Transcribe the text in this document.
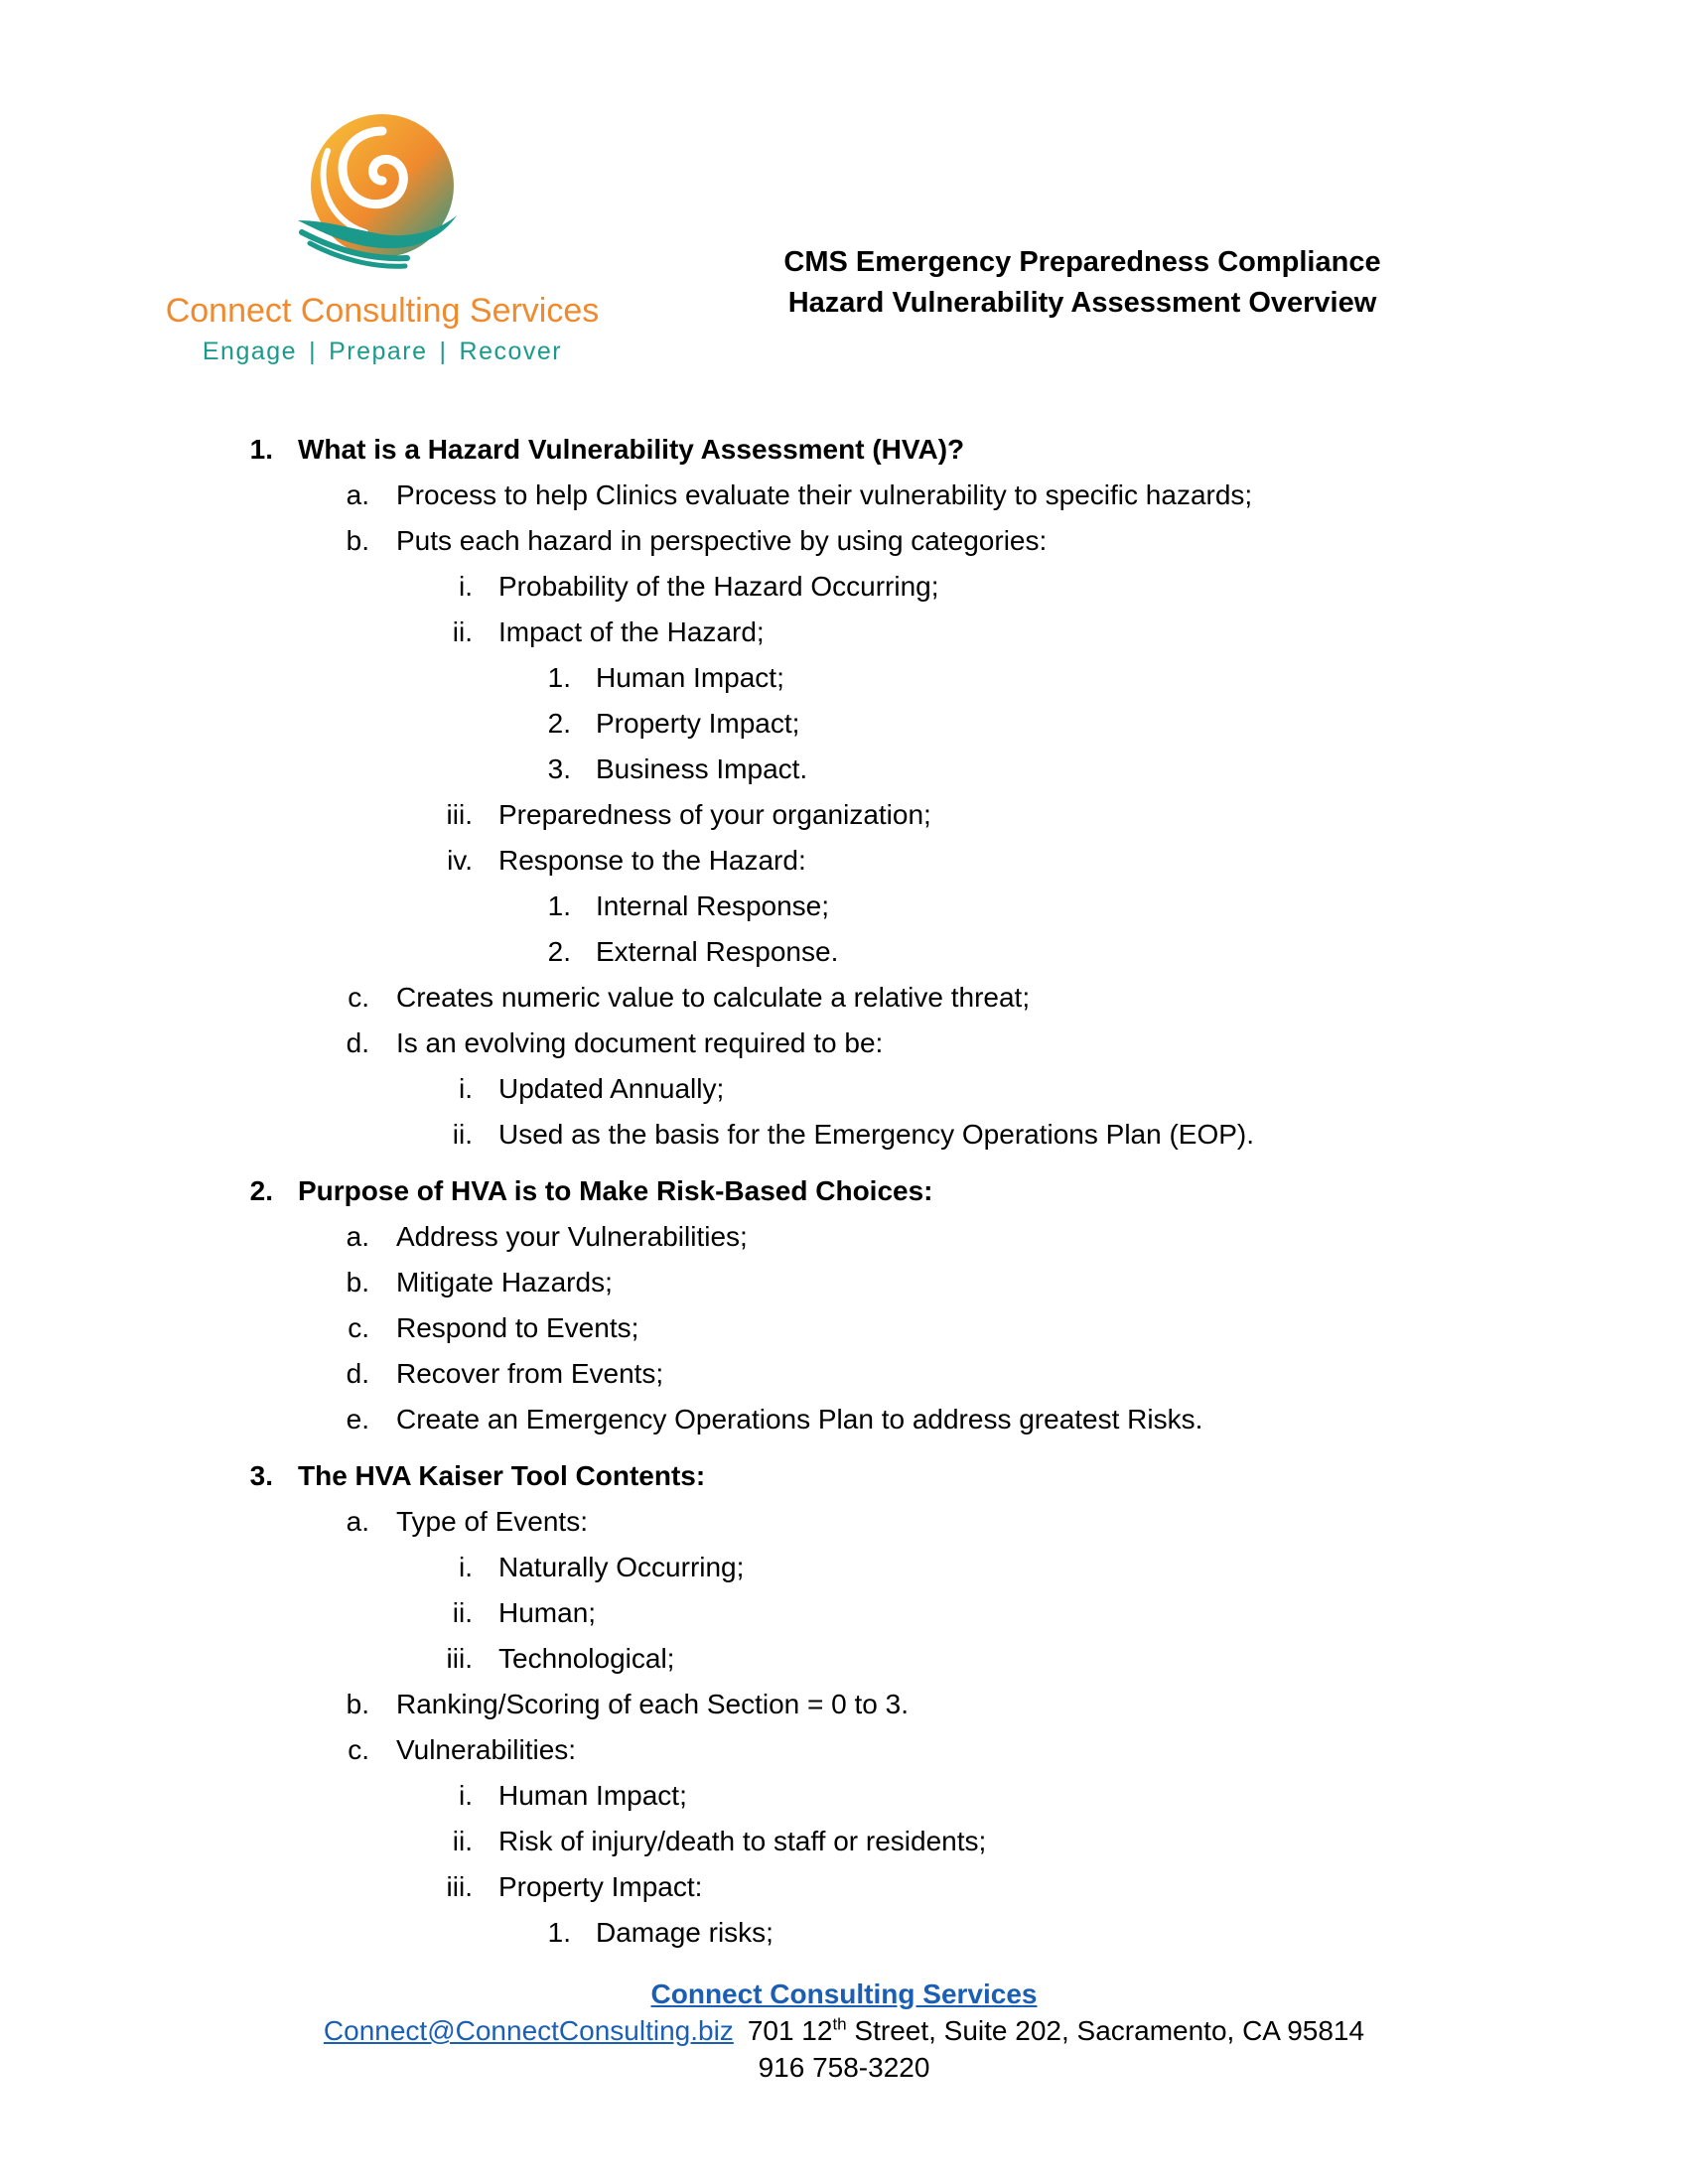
Connect Consulting Services
Engage | Prepare | Recover
CMS Emergency Preparedness Compliance
Hazard Vulnerability Assessment Overview
1. What is a Hazard Vulnerability Assessment (HVA)?
a. Process to help Clinics evaluate their vulnerability to specific hazards;
b. Puts each hazard in perspective by using categories:
i. Probability of the Hazard Occurring;
ii. Impact of the Hazard;
1. Human Impact;
2. Property Impact;
3. Business Impact.
iii. Preparedness of your organization;
iv. Response to the Hazard:
1. Internal Response;
2. External Response.
c. Creates numeric value to calculate a relative threat;
d. Is an evolving document required to be:
i. Updated Annually;
ii. Used as the basis for the Emergency Operations Plan (EOP).
2. Purpose of HVA is to Make Risk-Based Choices:
a. Address your Vulnerabilities;
b. Mitigate Hazards;
c. Respond to Events;
d. Recover from Events;
e. Create an Emergency Operations Plan to address greatest Risks.
3. The HVA Kaiser Tool Contents:
a. Type of Events:
i. Naturally Occurring;
ii. Human;
iii. Technological;
b. Ranking/Scoring of each Section = 0 to 3.
c. Vulnerabilities:
i. Human Impact;
ii. Risk of injury/death to staff or residents;
iii. Property Impact:
1. Damage risks;
Connect Consulting Services
Connect@ConnectConsulting.biz 701 12th Street, Suite 202, Sacramento, CA 95814
916 758-3220
